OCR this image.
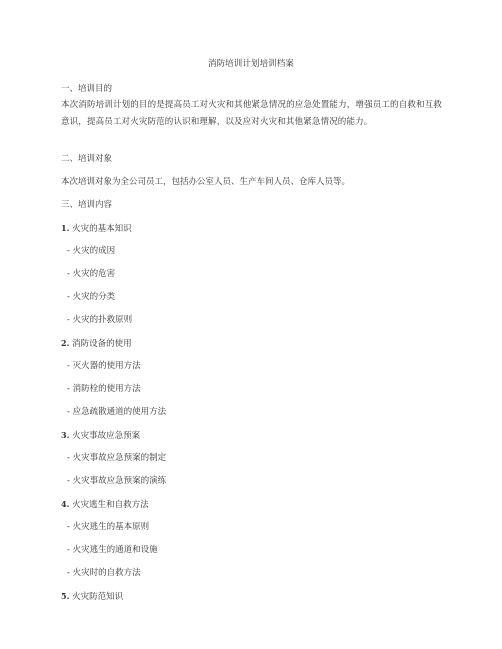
消防培训计划培训档案
一、培训目的
本次消防培训计划的目的是提高员工对火灾和其他紧急情况的应急处置能力，增强员工的自救和互救意识，提高员工对火灾防范的认识和理解，以及应对火灾和其他紧急情况的能力。
二、培训对象
本次培训对象为全公司员工，包括办公室人员、生产车间人员、仓库人员等。
三、培训内容
1. 火灾的基本知识
- 火灾的成因
- 火灾的危害
- 火灾的分类
- 火灾的扑救原则
2. 消防设备的使用
- 灭火器的使用方法
- 消防栓的使用方法
- 应急疏散通道的使用方法
3. 火灾事故应急预案
- 火灾事故应急预案的制定
- 火灾事故应急预案的演练
4. 火灾逃生和自救方法
- 火灾逃生的基本原则
- 火灾逃生的通道和设施
- 火灾时的自救方法
5. 火灾防范知识
